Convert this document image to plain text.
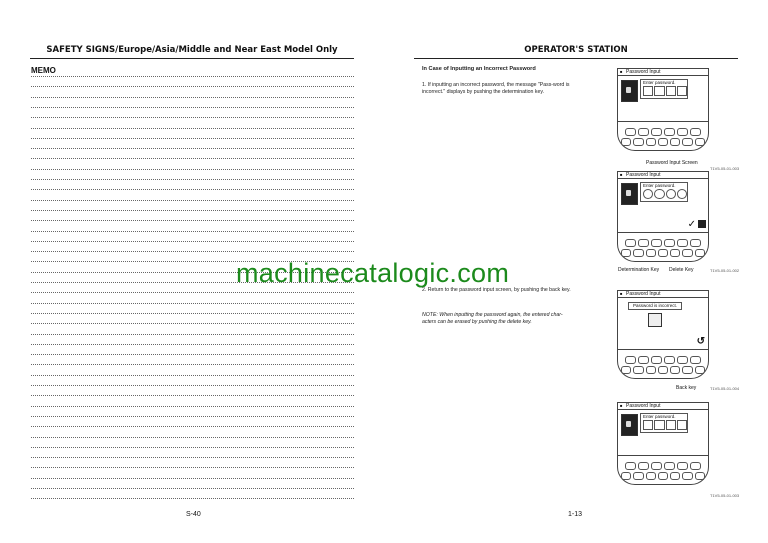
SAFETY SIGNS/Europe/Asia/Middle and Near East Model Only
MEMO
S-40
OPERATOR'S STATION
In Case of Inputting an Incorrect Password
1. If inputting an incorrect password, the message "Pass-word is incorrect." displays by pushing the determination key.
2. Return to the password input screen, by pushing the back key.
NOTE: When inputting the password again, the entered char-acters can be erased by pushing the delete key.
■ Password Input
Enter password.
Password Input Screen
T1V5-05-01-003
■ Password Input
Enter password.
✓
Determination Key Delete Key	T1V5-05-01-002
■ Password Input
Password is incorrect.
↺
Back key	T1V5-05-01-004
■ Password Input
Enter password.
T1V5-05-01-003
1-13
machinecatalogic.com
